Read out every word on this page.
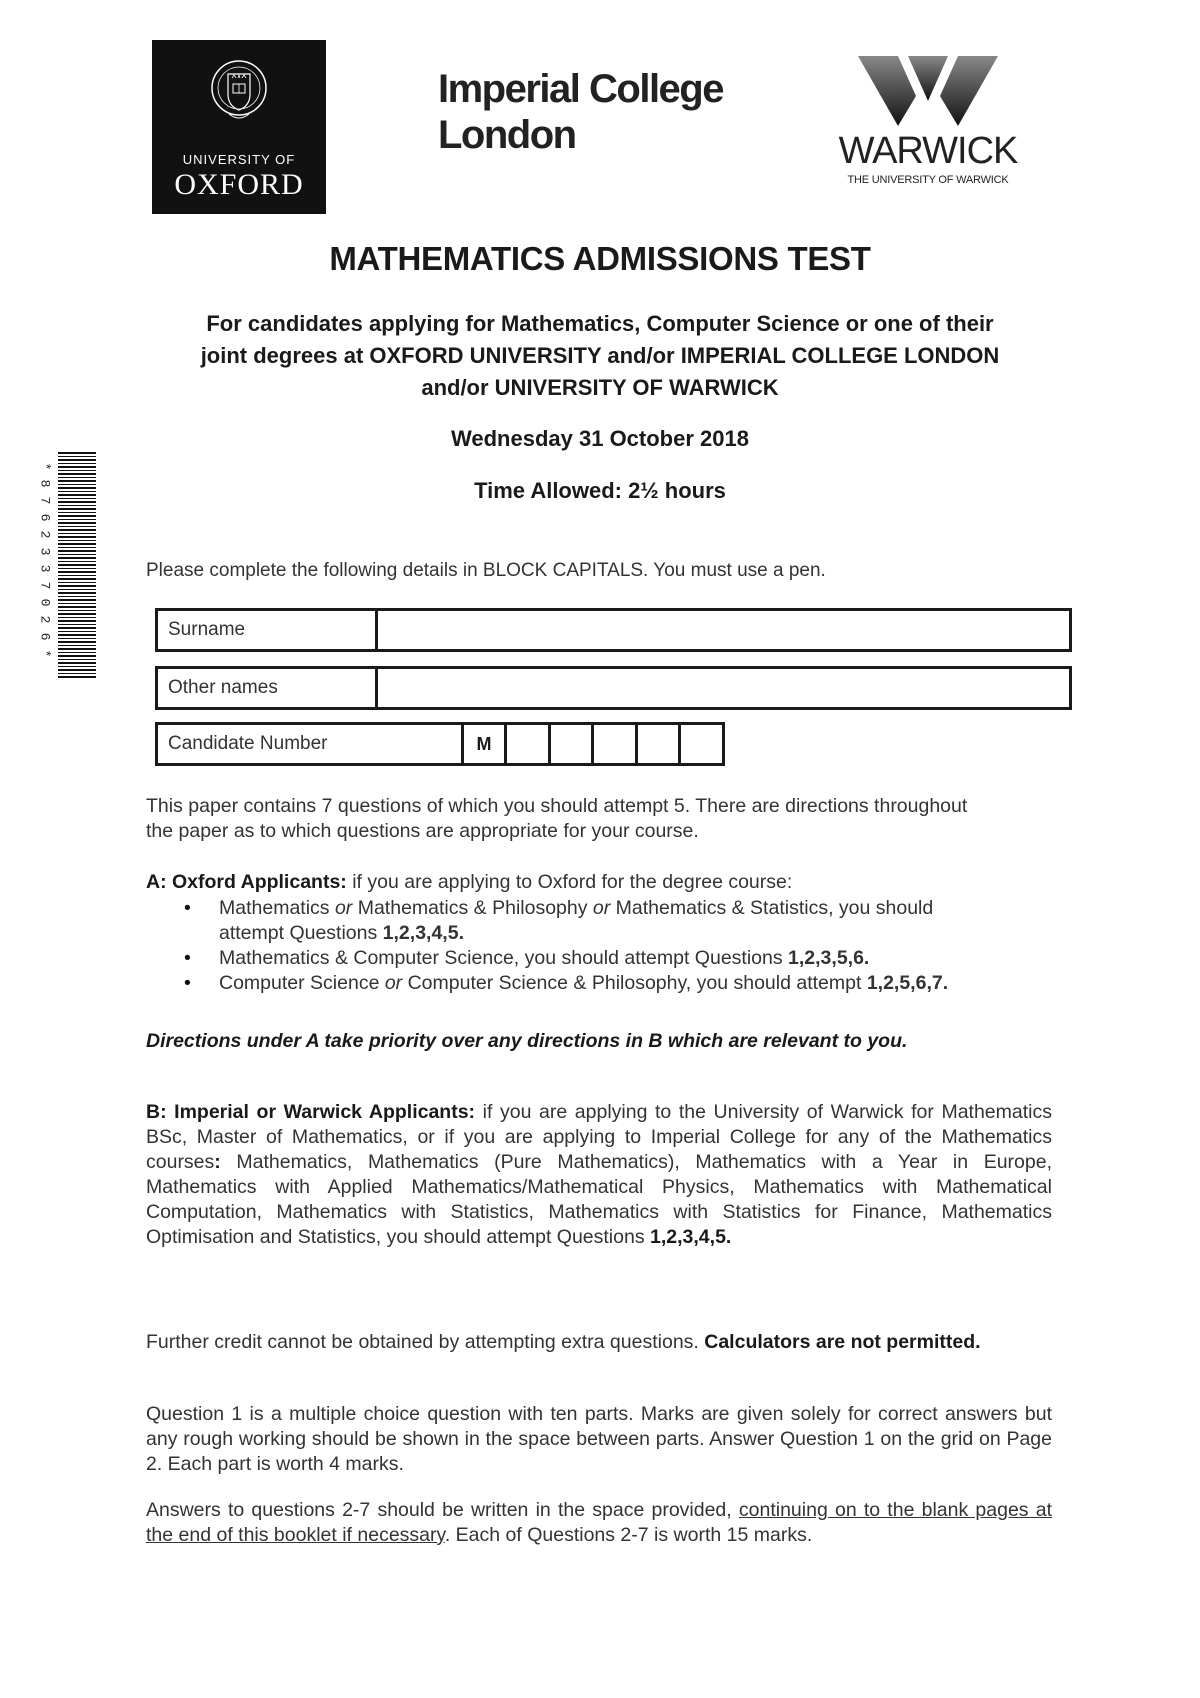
UNIVERSITY OF
OXFORD
Imperial College
London	WARWICK
THE UNIVERSITY OF WARWICK
*
8
7
6
2
3
3
7
0
2
6
*
MATHEMATICS ADMISSIONS TEST
For candidates applying for Mathematics, Computer Science or one of their
joint degrees at OXFORD UNIVERSITY and/or IMPERIAL COLLEGE LONDON
and/or UNIVERSITY OF WARWICK
Wednesday 31 October 2018
Time Allowed: 2½ hours
Please complete the following details in BLOCK CAPITALS. You must use a pen.
Surname
Other names
Candidate Number	M
This paper contains 7 questions of which you should attempt 5. There are directions throughout the paper as to which questions are appropriate for your course.
A: Oxford Applicants: if you are applying to Oxford for the degree course:
• Mathematics or Mathematics & Philosophy or Mathematics & Statistics, you should attempt Questions 1,2,3,4,5.
• Mathematics & Computer Science, you should attempt Questions 1,2,3,5,6.
• Computer Science or Computer Science & Philosophy, you should attempt 1,2,5,6,7.
Directions under A take priority over any directions in B which are relevant to you.
B: Imperial or Warwick Applicants: if you are applying to the University of Warwick for Mathematics BSc, Master of Mathematics, or if you are applying to Imperial College for any of the Mathematics courses: Mathematics, Mathematics (Pure Mathematics), Mathematics with a Year in Europe, Mathematics with Applied Mathematics/Mathematical Physics, Mathematics with Mathematical Computation, Mathematics with Statistics, Mathematics with Statistics for Finance, Mathematics Optimisation and Statistics, you should attempt Questions 1,2,3,4,5.
Further credit cannot be obtained by attempting extra questions. Calculators are not permitted.
Question 1 is a multiple choice question with ten parts. Marks are given solely for correct answers but any rough working should be shown in the space between parts. Answer Question 1 on the grid on Page 2. Each part is worth 4 marks.
Answers to questions 2-7 should be written in the space provided, continuing on to the blank pages at the end of this booklet if necessary. Each of Questions 2-7 is worth 15 marks.
